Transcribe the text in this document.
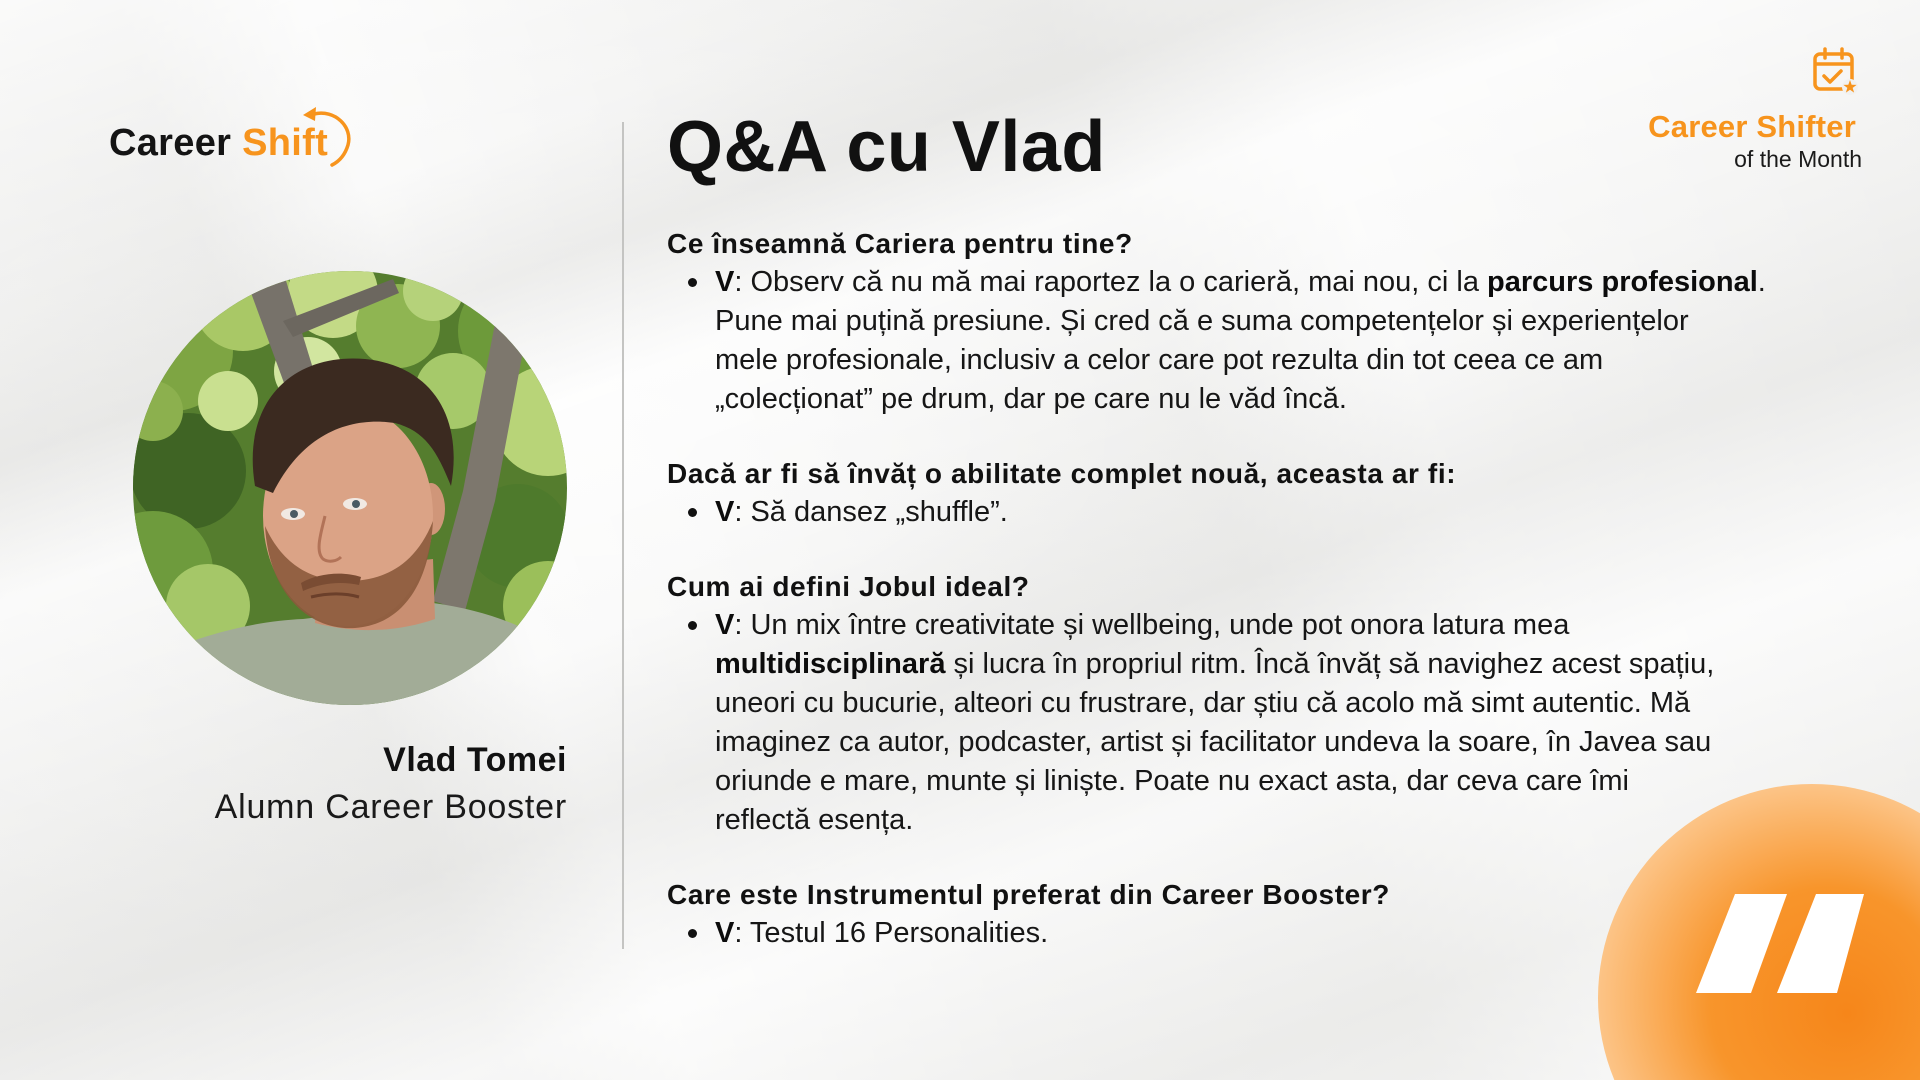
Career Shift
Vlad Tomei
Alumn Career Booster
Q&A cu Vlad	Career Shifter
of the Month
Ce înseamnă Cariera pentru tine?
V: Observ că nu mă mai raportez la o carieră, mai nou, ci la parcurs profesional.
Pune mai puțină presiune. Și cred că e suma competențelor și experiențelor
mele profesionale, inclusiv a celor care pot rezulta din tot ceea ce am
„colecționat” pe drum, dar pe care nu le văd încă.
Dacă ar fi să învăț o abilitate complet nouă, aceasta ar fi:
V: Să dansez „shuffle”.
Cum ai defini Jobul ideal?
V: Un mix între creativitate și wellbeing, unde pot onora latura mea
multidisciplinară și lucra în propriul ritm. Încă învăț să navighez acest spațiu,
uneori cu bucurie, alteori cu frustrare, dar știu că acolo mă simt autentic. Mă
imaginez ca autor, podcaster, artist și facilitator undeva la soare, în Javea sau
oriunde e mare, munte și liniște. Poate nu exact asta, dar ceva care îmi
reflectă esența.
Care este Instrumentul preferat din Career Booster?
V: Testul 16 Personalities.
